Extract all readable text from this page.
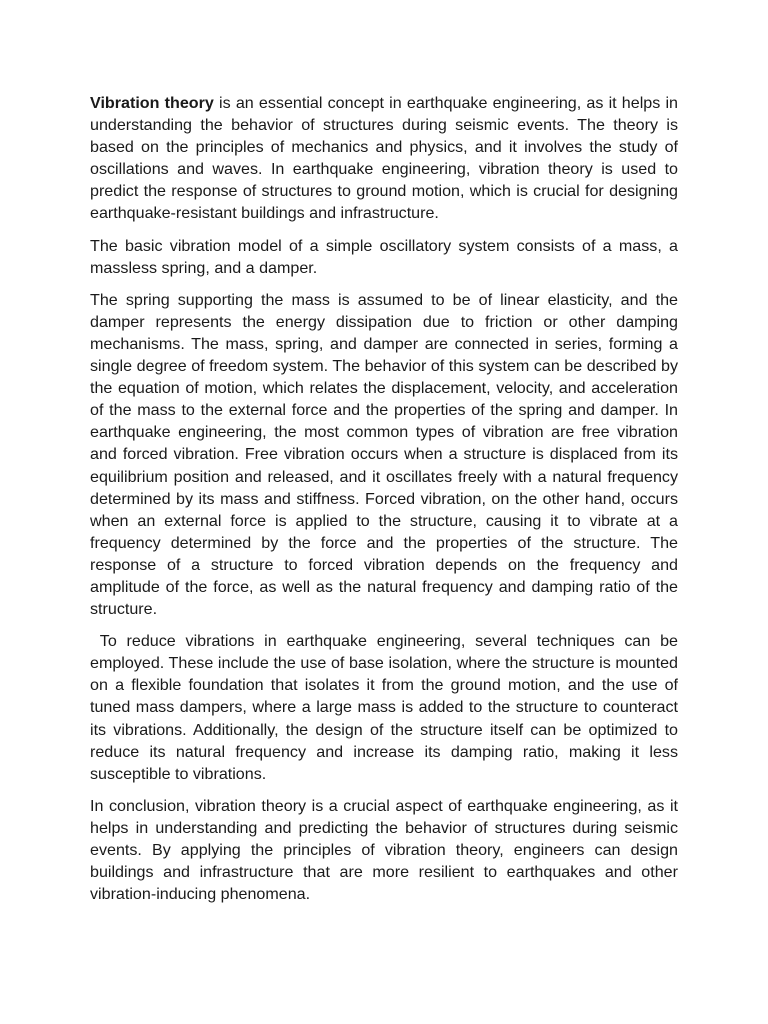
Vibration theory is an essential concept in earthquake engineering, as it helps in understanding the behavior of structures during seismic events. The theory is based on the principles of mechanics and physics, and it involves the study of oscillations and waves. In earthquake engineering, vibration theory is used to predict the response of structures to ground motion, which is crucial for designing earthquake-resistant buildings and infrastructure.

The basic vibration model of a simple oscillatory system consists of a mass, a massless spring, and a damper.

The spring supporting the mass is assumed to be of linear elasticity, and the damper represents the energy dissipation due to friction or other damping mechanisms. The mass, spring, and damper are connected in series, forming a single degree of freedom system. The behavior of this system can be described by the equation of motion, which relates the displacement, velocity, and acceleration of the mass to the external force and the properties of the spring and damper. In earthquake engineering, the most common types of vibration are free vibration and forced vibration. Free vibration occurs when a structure is displaced from its equilibrium position and released, and it oscillates freely with a natural frequency determined by its mass and stiffness. Forced vibration, on the other hand, occurs when an external force is applied to the structure, causing it to vibrate at a frequency determined by the force and the properties of the structure. The response of a structure to forced vibration depends on the frequency and amplitude of the force, as well as the natural frequency and damping ratio of the structure.

To reduce vibrations in earthquake engineering, several techniques can be employed. These include the use of base isolation, where the structure is mounted on a flexible foundation that isolates it from the ground motion, and the use of tuned mass dampers, where a large mass is added to the structure to counteract its vibrations. Additionally, the design of the structure itself can be optimized to reduce its natural frequency and increase its damping ratio, making it less susceptible to vibrations.

In conclusion, vibration theory is a crucial aspect of earthquake engineering, as it helps in understanding and predicting the behavior of structures during seismic events. By applying the principles of vibration theory, engineers can design buildings and infrastructure that are more resilient to earthquakes and other vibration-inducing phenomena.
